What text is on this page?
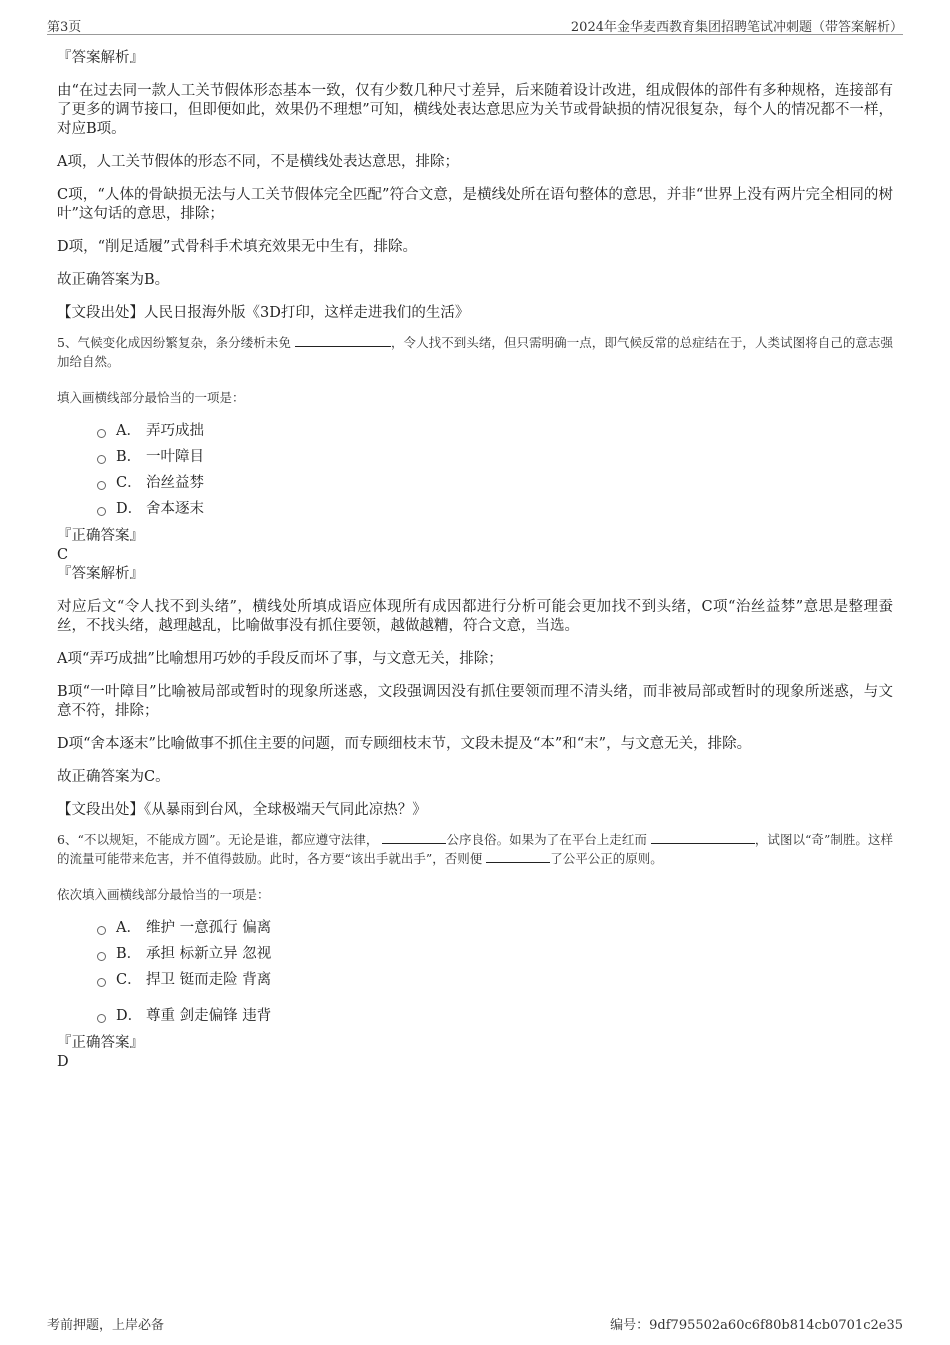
第3页	2024年金华麦西教育集团招聘笔试冲刺题（带答案解析）

『答案解析』

由“在过去同一款人工关节假体形态基本一致，仅有少数几种尺寸差异，后来随着设计改进，组成假体的部件有多种规格，连接部有了更多的调节接口，但即便如此，效果仍不理想”可知，横线处表达意思应为关节或骨缺损的情况很复杂，每个人的情况都不一样，对应B项。

A项，人工关节假体的形态不同，不是横线处表达意思，排除；

C项，“人体的骨缺损无法与人工关节假体完全匹配”符合文意，是横线处所在语句整体的意思，并非“世界上没有两片完全相同的树叶”这句话的意思，排除；

D项，“削足适履”式骨科手术填充效果无中生有，排除。

故正确答案为B。

【文段出处】人民日报海外版《3D打印，这样走进我们的生活》

5、气候变化成因纷繁复杂，条分缕析未免	，令人找不到头绪，但只需明确一点，即气候反常的总症结在于，人类试图将自己的意志强加给自然。

填入画横线部分最恰当的一项是：

A． 弄巧成拙
B． 一叶障目
C． 治丝益棼
D． 舍本逐末

『正确答案』

C

『答案解析』

对应后文“令人找不到头绪”，横线处所填成语应体现所有成因都进行分析可能会更加找不到头绪，C项“治丝益棼”意思是整理蚕丝，不找头绪，越理越乱，比喻做事没有抓住要领，越做越糟，符合文意，当选。

A项“弄巧成拙”比喻想用巧妙的手段反而坏了事，与文意无关，排除；

B项“一叶障目”比喻被局部或暂时的现象所迷惑，文段强调因没有抓住要领而理不清头绪，而非被局部或暂时的现象所迷惑，与文意不符，排除；

D项“舍本逐末”比喻做事不抓住主要的问题，而专顾细枝末节，文段未提及“本”和“末”，与文意无关，排除。

故正确答案为C。

【文段出处】《从暴雨到台风，全球极端天气同此凉热？》

6、“不以规矩，不能成方圆”。无论是谁，都应遵守法律，	公序良俗。如果为了在平台上走红而	，试图以“奇”制胜。这样的流量可能带来危害，并不值得鼓励。此时，各方要“该出手就出手”，否则便	了公平公正的原则。

依次填入画横线部分最恰当的一项是：

A． 维护 一意孤行 偏离
B． 承担 标新立异 忽视
C． 捍卫 铤而走险 背离
D． 尊重 剑走偏锋 违背

『正确答案』

D

考前押题，上岸必备	编号：9df795502a60c6f80b814cb0701c2e35
